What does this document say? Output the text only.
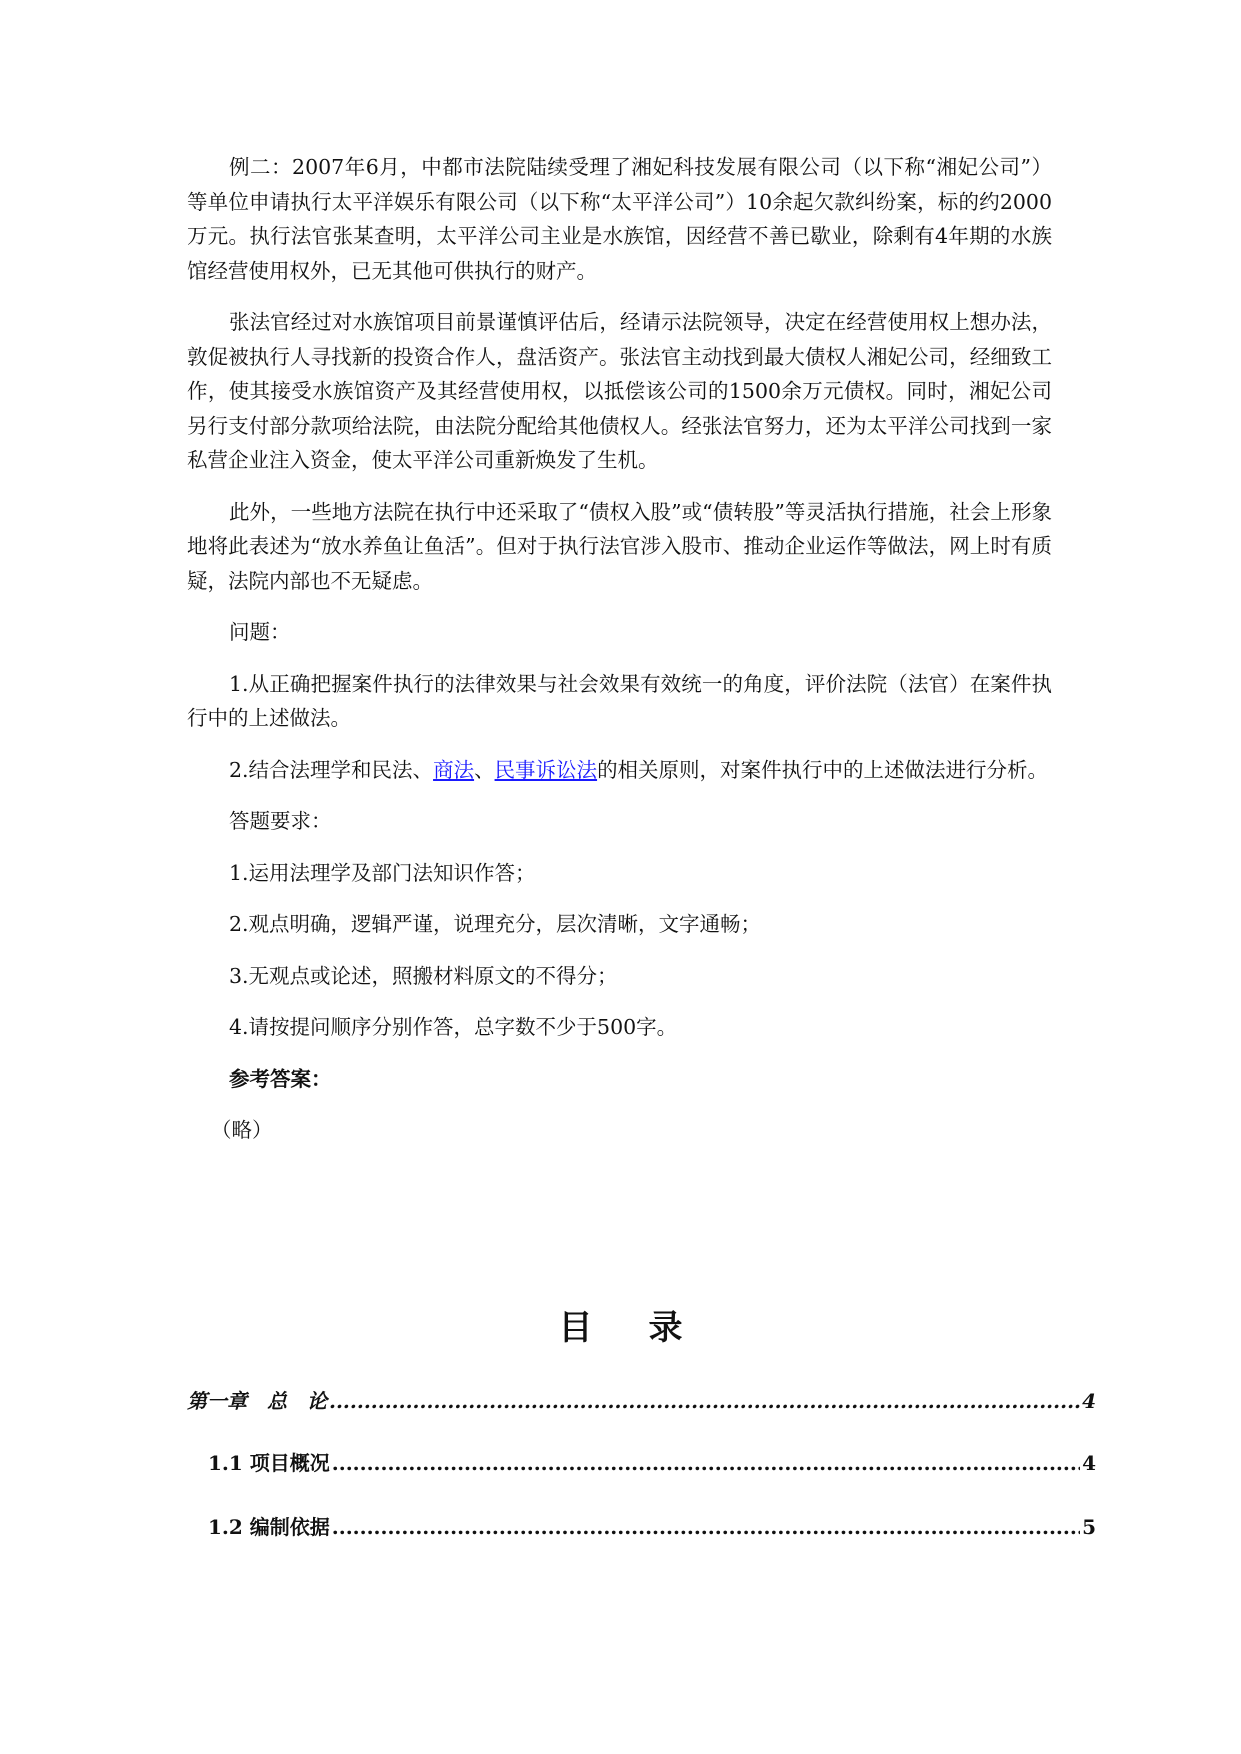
例二：2007年6月，中都市法院陆续受理了湘妃科技发展有限公司（以下称“湘妃公司”）等单位申请执行太平洋娱乐有限公司（以下称“太平洋公司”）10余起欠款纠纷案，标的约2000万元。执行法官张某查明，太平洋公司主业是水族馆，因经营不善已歇业，除剩有4年期的水族馆经营使用权外，已无其他可供执行的财产。

张法官经过对水族馆项目前景谨慎评估后，经请示法院领导，决定在经营使用权上想办法，敦促被执行人寻找新的投资合作人，盘活资产。张法官主动找到最大债权人湘妃公司，经细致工作，使其接受水族馆资产及其经营使用权，以抵偿该公司的1500余万元债权。同时，湘妃公司另行支付部分款项给法院，由法院分配给其他债权人。经张法官努力，还为太平洋公司找到一家私营企业注入资金，使太平洋公司重新焕发了生机。

此外，一些地方法院在执行中还采取了“债权入股”或“债转股”等灵活执行措施，社会上形象地将此表述为“放水养鱼让鱼活”。但对于执行法官涉入股市、推动企业运作等做法，网上时有质疑，法院内部也不无疑虑。

问题：

1.从正确把握案件执行的法律效果与社会效果有效统一的角度，评价法院（法官）在案件执行中的上述做法。

2.结合法理学和民法、商法、民事诉讼法的相关原则，对案件执行中的上述做法进行分析。

答题要求：

1.运用法理学及部门法知识作答；

2.观点明确，逻辑严谨，说理充分，层次清晰，文字通畅；

3.无观点或论述，照搬材料原文的不得分；

4.请按提问顺序分别作答，总字数不少于500字。

参考答案：

（略）

目录
第一章　总　论 .....	4
1.1 项目概况 .....	4
1.2 编制依据 .....	5
